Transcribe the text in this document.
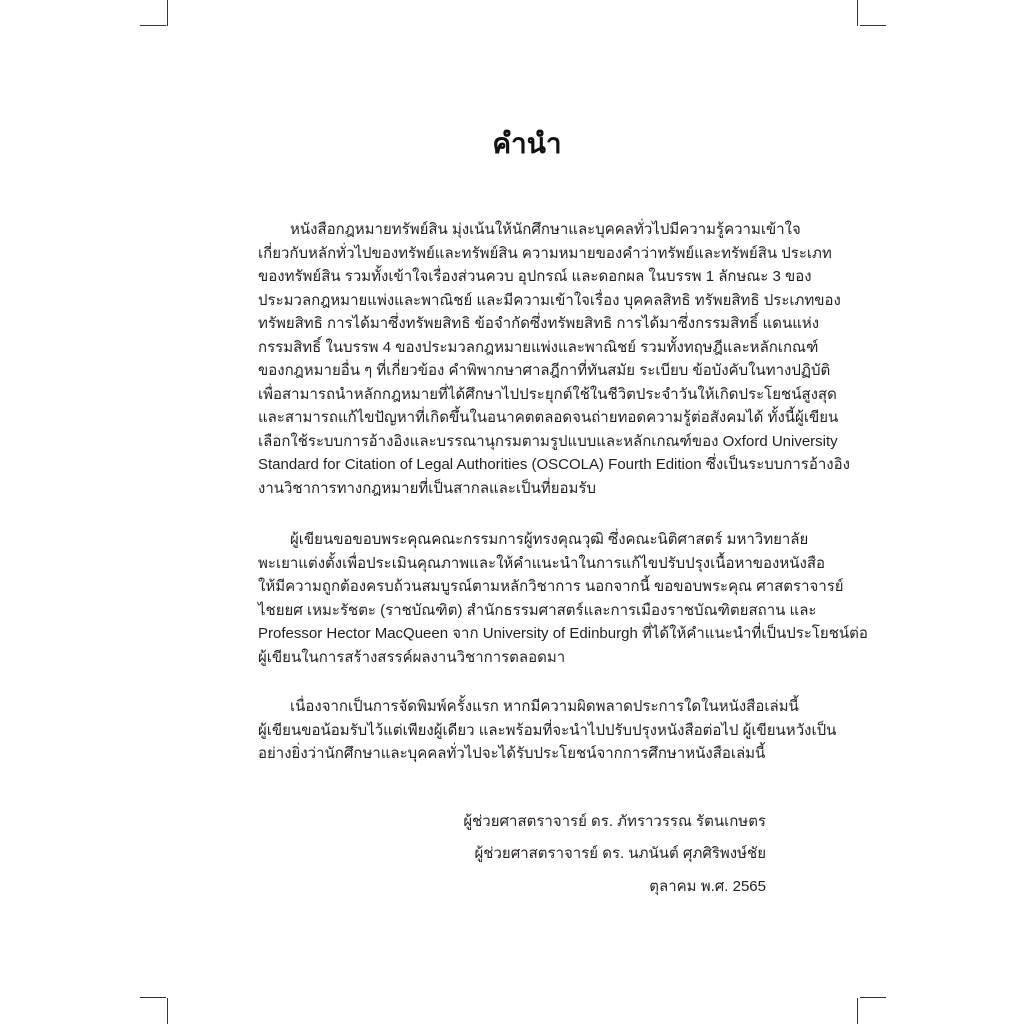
คำนำ
หนังสือกฎหมายทรัพย์สิน มุ่งเน้นให้นักศึกษาและบุคคลทั่วไปมีความรู้ความเข้าใจ
เกี่ยวกับหลักทั่วไปของทรัพย์และทรัพย์สิน ความหมายของคำว่าทรัพย์และทรัพย์สิน ประเภท
ของทรัพย์สิน รวมทั้งเข้าใจเรื่องส่วนควบ อุปกรณ์ และดอกผล ในบรรพ 1 ลักษณะ 3 ของ
ประมวลกฎหมายแพ่งและพาณิชย์ และมีความเข้าใจเรื่อง บุคคลสิทธิ ทรัพยสิทธิ ประเภทของ
ทรัพยสิทธิ การได้มาซึ่งทรัพยสิทธิ ข้อจำกัดซึ่งทรัพยสิทธิ การได้มาซึ่งกรรมสิทธิ์ แดนแห่ง
กรรมสิทธิ์ ในบรรพ 4 ของประมวลกฎหมายแพ่งและพาณิชย์ รวมทั้งทฤษฎีและหลักเกณฑ์
ของกฎหมายอื่น ๆ ที่เกี่ยวข้อง คำพิพากษาศาลฎีกาที่ทันสมัย ระเบียบ ข้อบังคับในทางปฏิบัติ
เพื่อสามารถนำหลักกฎหมายที่ได้ศึกษาไปประยุกต์ใช้ในชีวิตประจำวันให้เกิดประโยชน์สูงสุด
และสามารถแก้ไขปัญหาที่เกิดขึ้นในอนาคตตลอดจนถ่ายทอดความรู้ต่อสังคมได้ ทั้งนี้ผู้เขียน
เลือกใช้ระบบการอ้างอิงและบรรณานุกรมตามรูปแบบและหลักเกณฑ์ของ Oxford University
Standard for Citation of Legal Authorities (OSCOLA) Fourth Edition ซึ่งเป็นระบบการอ้างอิง
งานวิชาการทางกฎหมายที่เป็นสากลและเป็นที่ยอมรับ
ผู้เขียนขอขอบพระคุณคณะกรรมการผู้ทรงคุณวุฒิ ซึ่งคณะนิติศาสตร์ มหาวิทยาลัย
พะเยาแต่งตั้งเพื่อประเมินคุณภาพและให้คำแนะนำในการแก้ไขปรับปรุงเนื้อหาของหนังสือ
ให้มีความถูกต้องครบถ้วนสมบูรณ์ตามหลักวิชาการ นอกจากนี้ ขอขอบพระคุณ ศาสตราจารย์
ไชยยศ เหมะรัชตะ (ราชบัณฑิต) สำนักธรรมศาสตร์และการเมืองราชบัณฑิตยสถาน และ
Professor Hector MacQueen จาก University of Edinburgh ที่ได้ให้คำแนะนำที่เป็นประโยชน์ต่อ
ผู้เขียนในการสร้างสรรค์ผลงานวิชาการตลอดมา
เนื่องจากเป็นการจัดพิมพ์ครั้งแรก หากมีความผิดพลาดประการใดในหนังสือเล่มนี้
ผู้เขียนขอน้อมรับไว้แต่เพียงผู้เดียว และพร้อมที่จะนำไปปรับปรุงหนังสือต่อไป ผู้เขียนหวังเป็น
อย่างยิ่งว่านักศึกษาและบุคคลทั่วไปจะได้รับประโยชน์จากการศึกษาหนังสือเล่มนี้
ผู้ช่วยศาสตราจารย์ ดร. ภัทราวรรณ รัตนเกษตร
ผู้ช่วยศาสตราจารย์ ดร. นภนันต์ ศุภศิริพงษ์ชัย
ตุลาคม พ.ศ. 2565
